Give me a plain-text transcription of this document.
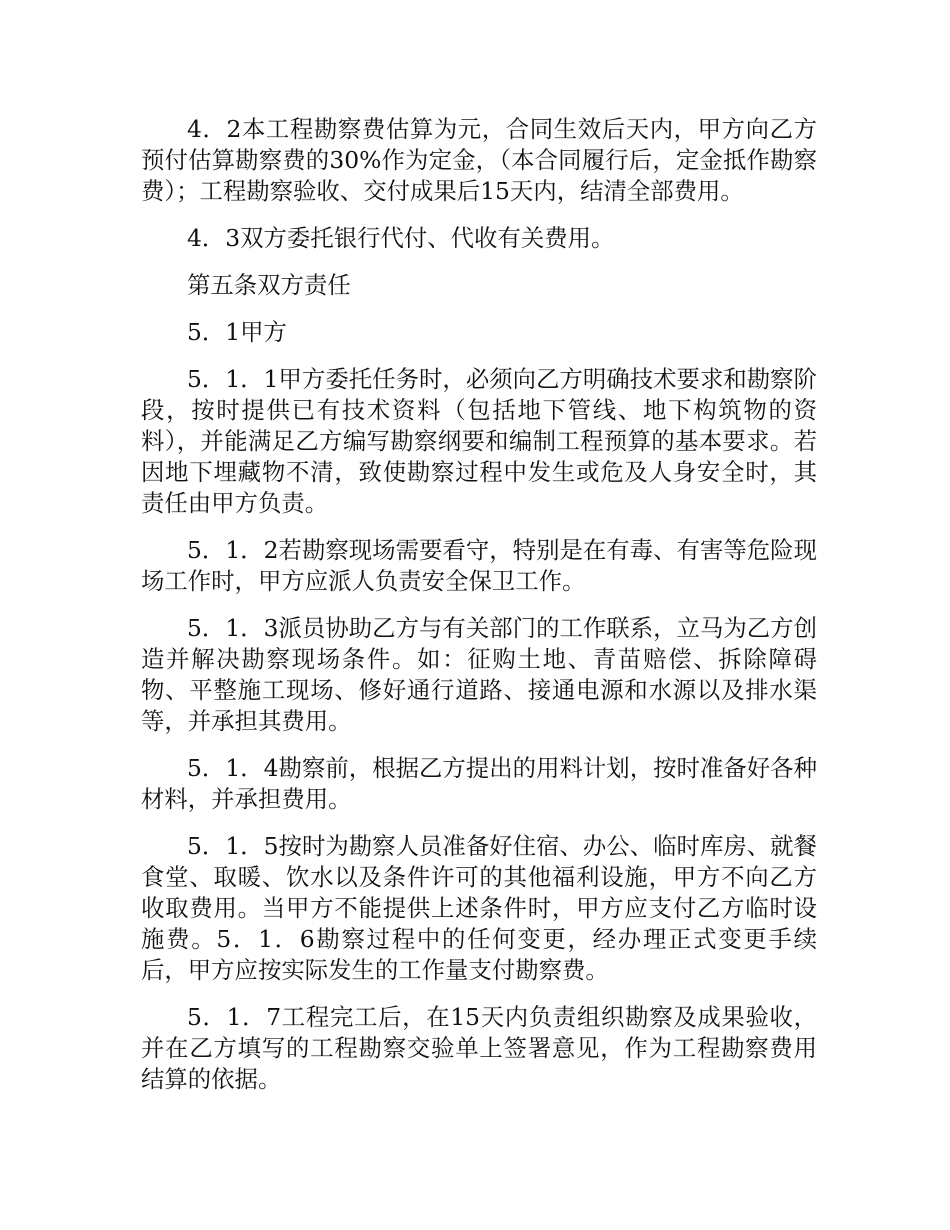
4．2本工程勘察费估算为元，合同生效后天内，甲方向乙方预付估算勘察费的30%作为定金，（本合同履行后，定金抵作勘察费）；工程勘察验收、交付成果后15天内，结清全部费用。

4．3双方委托银行代付、代收有关费用。

第五条双方责任

5．1甲方

5．1．1甲方委托任务时，必须向乙方明确技术要求和勘察阶段，按时提供已有技术资料（包括地下管线、地下构筑物的资料），并能满足乙方编写勘察纲要和编制工程预算的基本要求。若因地下埋藏物不清，致使勘察过程中发生或危及人身安全时，其责任由甲方负责。

5．1．2若勘察现场需要看守，特别是在有毒、有害等危险现场工作时，甲方应派人负责安全保卫工作。

5．1．3派员协助乙方与有关部门的工作联系，立马为乙方创造并解决勘察现场条件。如：征购土地、青苗赔偿、拆除障碍物、平整施工现场、修好通行道路、接通电源和水源以及排水渠等，并承担其费用。

5．1．4勘察前，根据乙方提出的用料计划，按时准备好各种材料，并承担费用。

5．1．5按时为勘察人员准备好住宿、办公、临时库房、就餐食堂、取暖、饮水以及条件许可的其他福利设施，甲方不向乙方收取费用。当甲方不能提供上述条件时，甲方应支付乙方临时设施费。5．1．6勘察过程中的任何变更，经办理正式变更手续后，甲方应按实际发生的工作量支付勘察费。

5．1．7工程完工后，在15天内负责组织勘察及成果验收，并在乙方填写的工程勘察交验单上签署意见，作为工程勘察费用结算的依据。
